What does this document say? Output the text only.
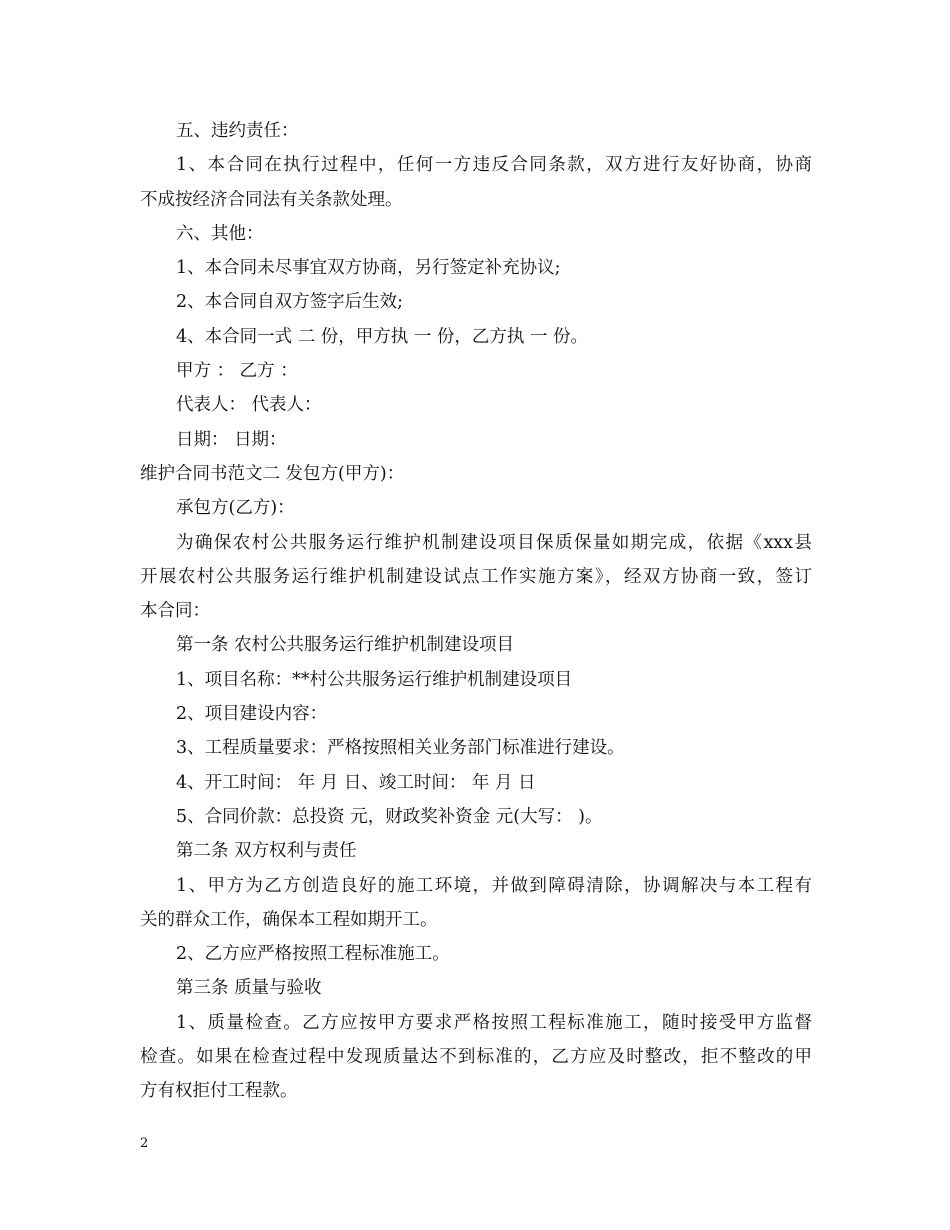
五、违约责任：
1、本合同在执行过程中，任何一方违反合同条款，双方进行友好协商，协商
不成按经济合同法有关条款处理。
六、其他：
1、本合同未尽事宜双方协商，另行签定补充协议;
2、本合同自双方签字后生效;
4、本合同一式 二 份，甲方执 一 份，乙方执 一 份。
甲方 ： 乙方 ：
代表人： 代表人：
日期： 日期：
维护合同书范文二 发包方(甲方)：
承包方(乙方)：
为确保农村公共服务运行维护机制建设项目保质保量如期完成，依据《xxx县
开展农村公共服务运行维护机制建设试点工作实施方案》，经双方协商一致，签订
本合同：
第一条 农村公共服务运行维护机制建设项目
1、项目名称：**村公共服务运行维护机制建设项目
2、项目建设内容：
3、工程质量要求：严格按照相关业务部门标准进行建设。
4、开工时间： 年 月 日、竣工时间： 年 月 日
5、合同价款：总投资 元，财政奖补资金 元(大写： )。
第二条 双方权利与责任
1、甲方为乙方创造良好的施工环境，并做到障碍清除，协调解决与本工程有
关的群众工作，确保本工程如期开工。
2、乙方应严格按照工程标准施工。
第三条 质量与验收
1、质量检查。乙方应按甲方要求严格按照工程标准施工，随时接受甲方监督
检查。如果在检查过程中发现质量达不到标准的，乙方应及时整改，拒不整改的甲
方有权拒付工程款。
2
